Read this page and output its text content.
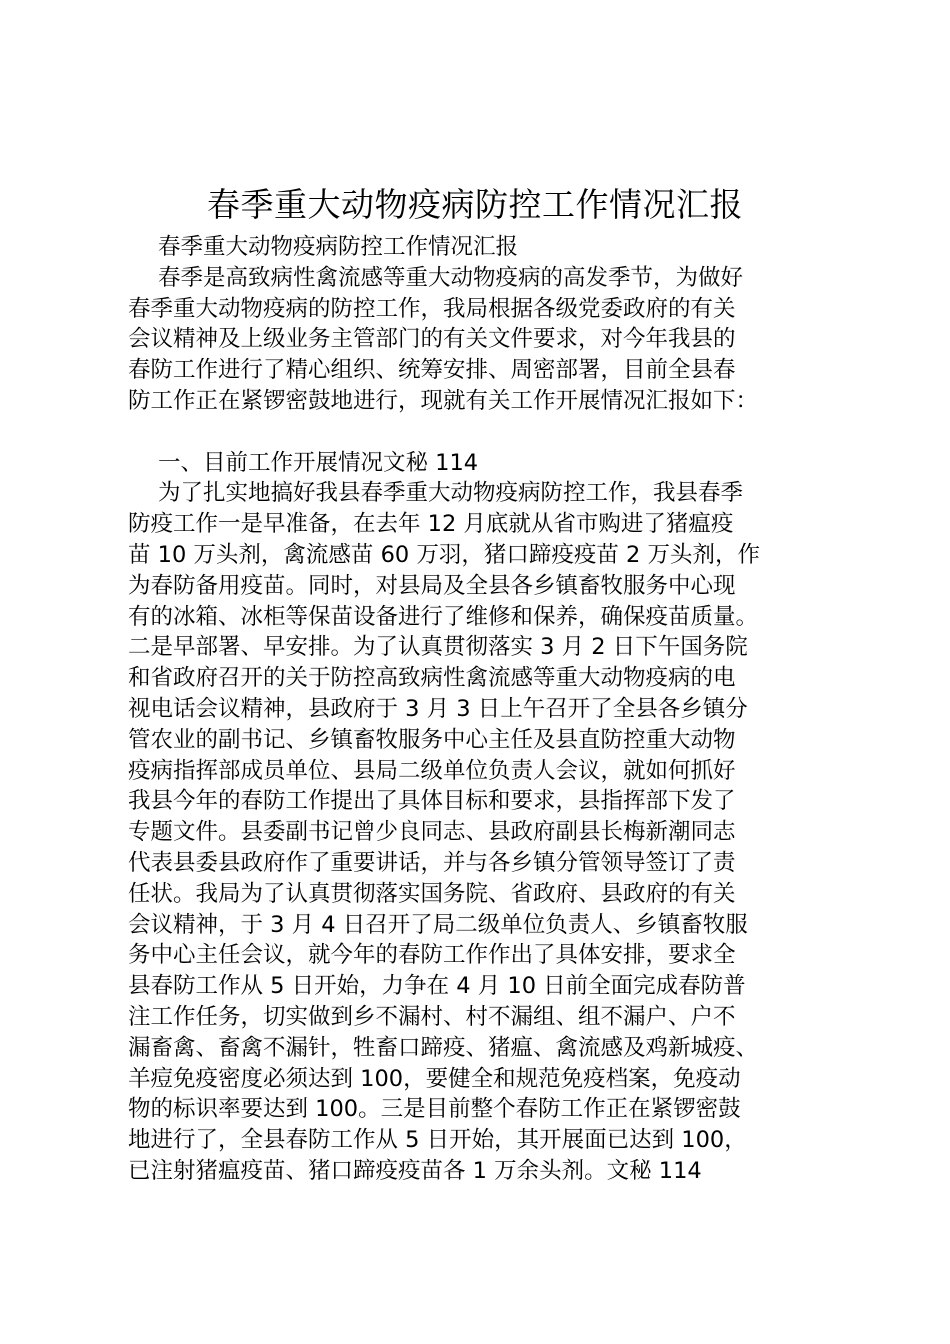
春季重大动物疫病防控工作情况汇报
春季重大动物疫病防控工作情况汇报
春季是高致病性禽流感等重大动物疫病的高发季节，为做好
春季重大动物疫病的防控工作，我局根据各级党委政府的有关
会议精神及上级业务主管部门的有关文件要求，对今年我县的
春防工作进行了精心组织、统筹安排、周密部署，目前全县春
防工作正在紧锣密鼓地进行，现就有关工作开展情况汇报如下：
一、目前工作开展情况文秘 114
为了扎实地搞好我县春季重大动物疫病防控工作，我县春季
防疫工作一是早准备，在去年 12 月底就从省市购进了猪瘟疫
苗 10 万头剂，禽流感苗 60 万羽，猪口蹄疫疫苗 2 万头剂，作
为春防备用疫苗。同时，对县局及全县各乡镇畜牧服务中心现
有的冰箱、冰柜等保苗设备进行了维修和保养，确保疫苗质量。
二是早部署、早安排。为了认真贯彻落实 3 月 2 日下午国务院
和省政府召开的关于防控高致病性禽流感等重大动物疫病的电
视电话会议精神，县政府于 3 月 3 日上午召开了全县各乡镇分
管农业的副书记、乡镇畜牧服务中心主任及县直防控重大动物
疫病指挥部成员单位、县局二级单位负责人会议，就如何抓好
我县今年的春防工作提出了具体目标和要求，县指挥部下发了
专题文件。县委副书记曾少良同志、县政府副县长梅新潮同志
代表县委县政府作了重要讲话，并与各乡镇分管领导签订了责
任状。我局为了认真贯彻落实国务院、省政府、县政府的有关
会议精神，于 3 月 4 日召开了局二级单位负责人、乡镇畜牧服
务中心主任会议，就今年的春防工作作出了具体安排，要求全
县春防工作从 5 日开始，力争在 4 月 10 日前全面完成春防普
注工作任务，切实做到乡不漏村、村不漏组、组不漏户、户不
漏畜禽、畜禽不漏针，牲畜口蹄疫、猪瘟、禽流感及鸡新城疫、
羊痘免疫密度必须达到 100，要健全和规范免疫档案，免疫动
物的标识率要达到 100。三是目前整个春防工作正在紧锣密鼓
地进行了，全县春防工作从 5 日开始，其开展面已达到 100，
已注射猪瘟疫苗、猪口蹄疫疫苗各 1 万余头剂。文秘 114
